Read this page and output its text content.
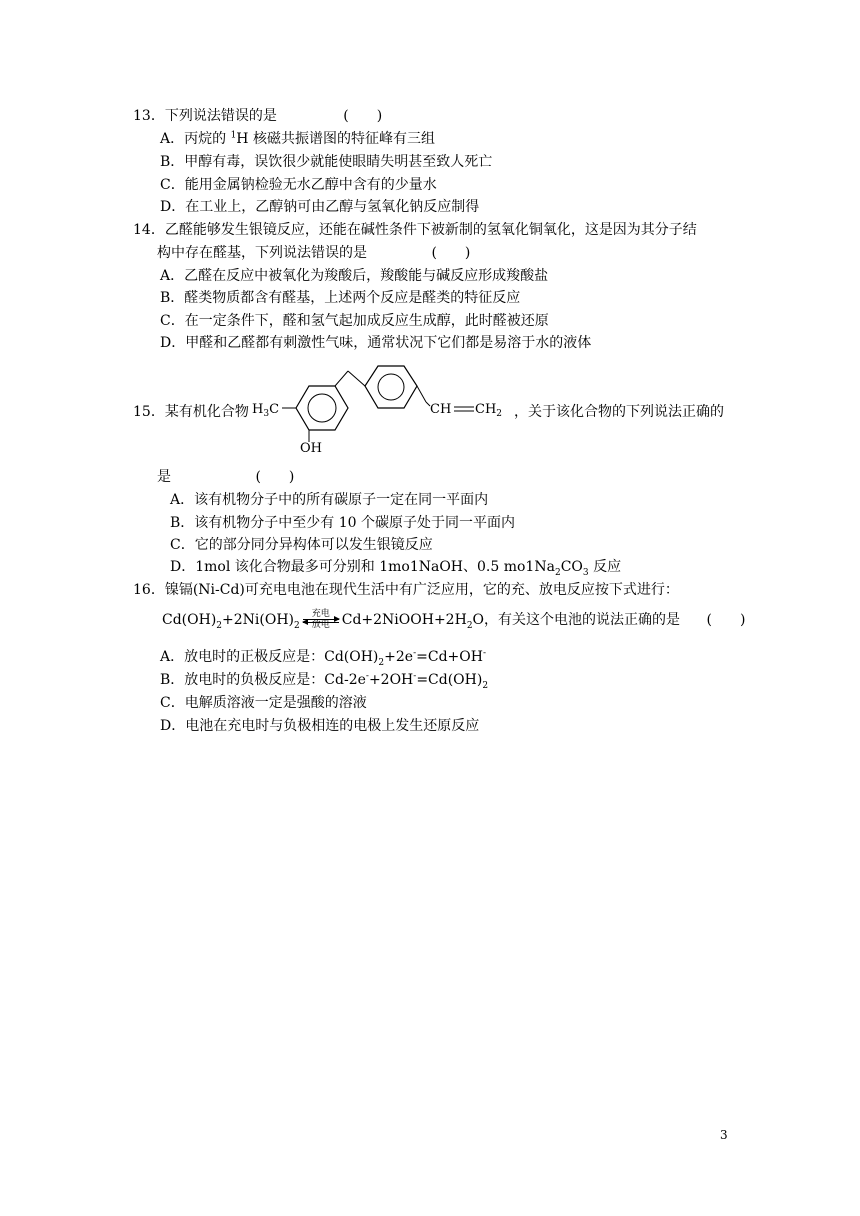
13．下列说法错误的是	(　　)
A．丙烷的 $^1$H 核磁共振谱图的特征峰有三组
B．甲醇有毒，误饮很少就能使眼睛失明甚至致人死亡
C．能用金属钠检验无水乙醇中含有的少量水
D．在工业上，乙醇钠可由乙醇与氢氧化钠反应制得
14．乙醛能够发生银镜反应，还能在碱性条件下被新制的氢氧化铜氧化，这是因为其分子结
构中存在醛基，下列说法错误的是	(　　)
A．乙醛在反应中被氧化为羧酸后，羧酸能与碱反应形成羧酸盐
B．醛类物质都含有醛基，上述两个反应是醛类的特征反应
C．在一定条件下，醛和氢气起加成反应生成醇，此时醛被还原
D．甲醛和乙醛都有刺激性气味，通常状况下它们都是易溶于水的液体
15．某有机化合物 $H_3C$
OH
CH $CH_2$ ，关于该化合物的下列说法正确的
是	(　　)
A．该有机物分子中的所有碳原子一定在同一平面内
B．该有机物分子中至少有 10 个碳原子处于同一平面内
C．它的部分同分异构体可以发生银镜反应
D．1mol 该化合物最多可分别和 1mo1NaOH、0.5 $mo1Na_2CO_3$ 反应
16．镍镉(Ni-Cd)可充电电池在现代生活中有广泛应用，它的充、放电反应按下式进行：
$Cd(OH)_2+2Ni(OH)_2$
充电
放电 $Cd+2NiOOH+2H_2O$，有关这个电池的说法正确的是 (　　)
A．放电时的正极反应是：$Cd(OH)_2+2e^-=Cd+OH^-$
B．放电时的负极反应是：$Cd-2e^-+2OH^-=Cd(OH)_2$
C．电解质溶液一定是强酸的溶液
D．电池在充电时与负极相连的电极上发生还原反应
3
